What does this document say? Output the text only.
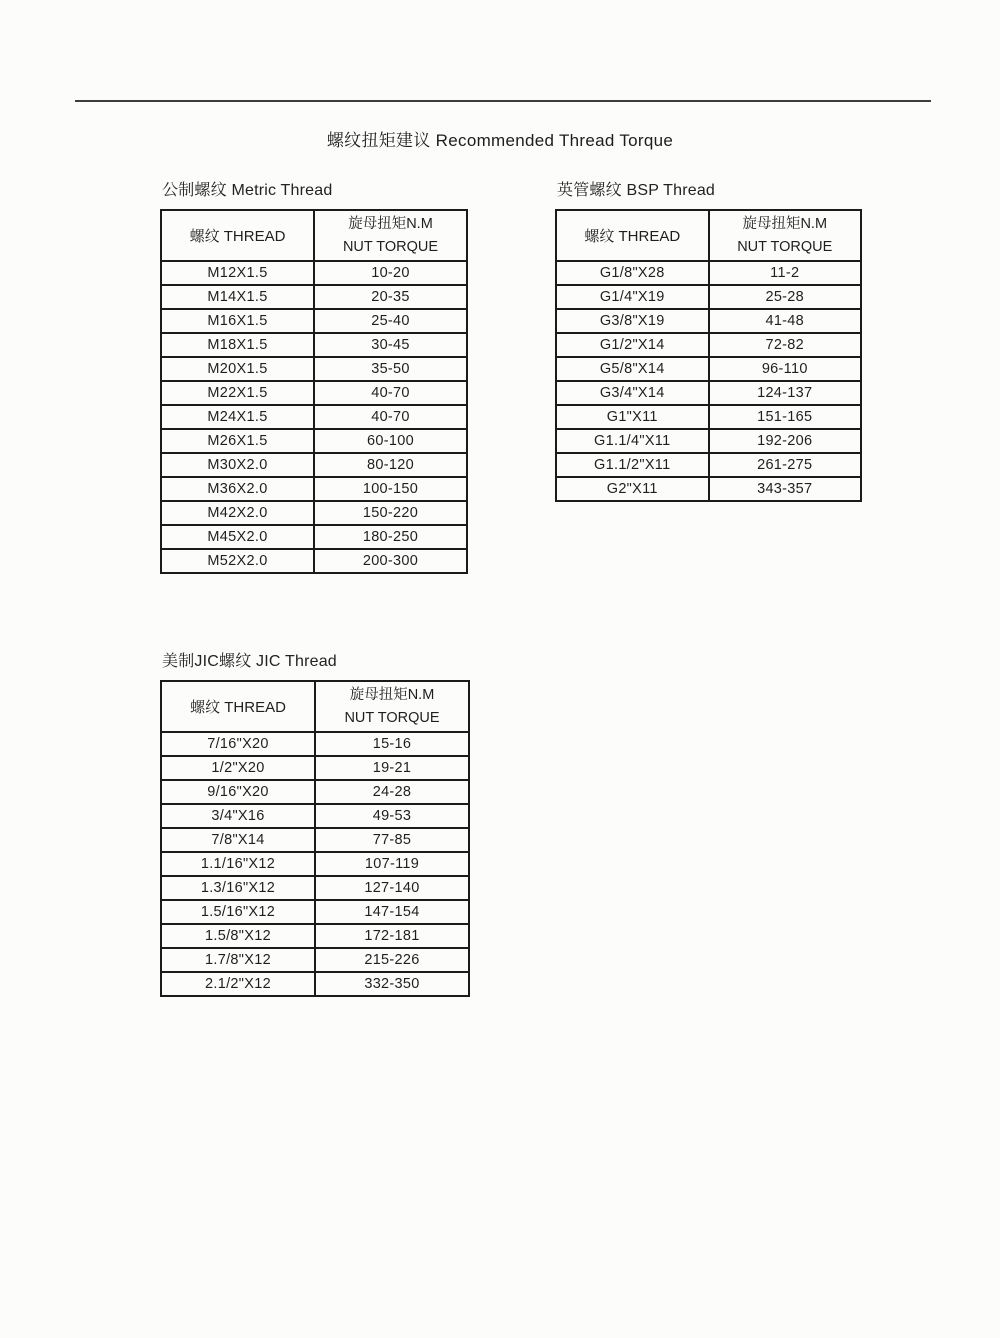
螺纹扭矩建议 Recommended Thread Torque
公制螺纹 Metric Thread
螺纹 THREAD	旋母扭矩N.M
NUT TORQUE

M12X1.5	10-20
M14X1.5	20-35
M16X1.5	25-40
M18X1.5	30-45
M20X1.5	35-50
M22X1.5	40-70
M24X1.5	40-70
M26X1.5	60-100
M30X2.0	80-120
M36X2.0	100-150
M42X2.0	150-220
M45X2.0	180-250
M52X2.0	200-300
英管螺纹 BSP Thread
螺纹 THREAD	旋母扭矩N.M
NUT TORQUE

G1/8"X28	11-2
G1/4"X19	25-28
G3/8"X19	41-48
G1/2"X14	72-82
G5/8"X14	96-110
G3/4"X14	124-137
G1"X11	151-165
G1.1/4"X11	192-206
G1.1/2"X11	261-275
G2"X11	343-357
美制JIC螺纹 JIC Thread
螺纹 THREAD	旋母扭矩N.M
NUT TORQUE

7/16"X20	15-16
1/2"X20	19-21
9/16"X20	24-28
3/4"X16	49-53
7/8"X14	77-85
1.1/16"X12	107-119
1.3/16"X12	127-140
1.5/16"X12	147-154
1.5/8"X12	172-181
1.7/8"X12	215-226
2.1/2"X12	332-350
